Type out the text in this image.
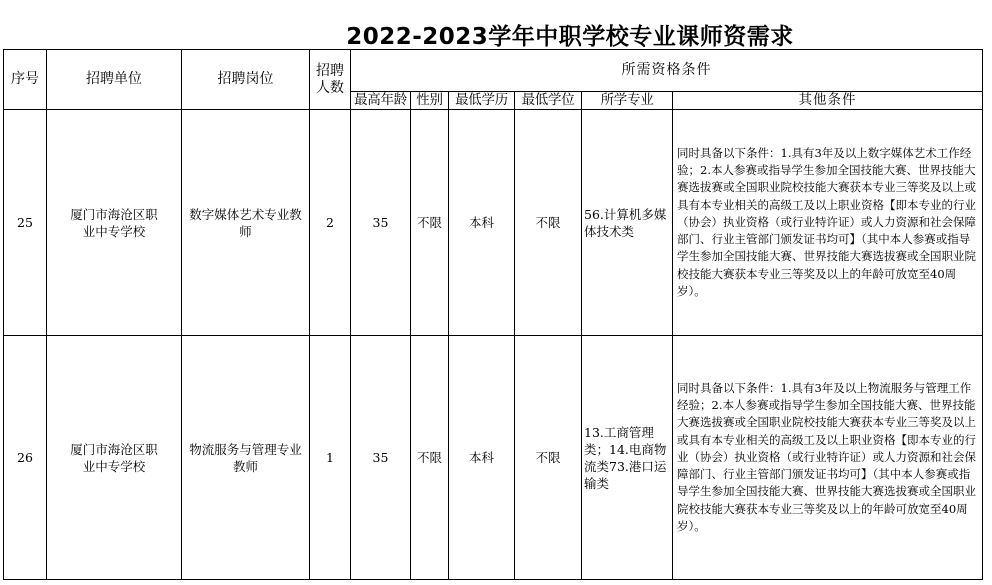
2022-2023学年中职学校专业课师资需求
序号	招聘单位	招聘岗位	招聘人数	所需资格条件					
				最高年龄	性别	最低学历	最低学位	所学专业	其他条件
25	厦门市海沧区职业中专学校	数字媒体艺术专业教师	2	35	不限	本科	不限	56.计算机多媒体技术类	同时具备以下条件：1.具有3年及以上数字媒体艺术工作经验；2.本人参赛或指导学生参加全国技能大赛、世界技能大赛选拔赛或全国职业院校技能大赛获本专业三等奖及以上或具有本专业相关的高级工及以上职业资格【即本专业的行业（协会）执业资格（或行业特许证）或人力资源和社会保障部门、行业主管部门颁发证书均可】（其中本人参赛或指导学生参加全国技能大赛、世界技能大赛选拔赛或全国职业院校技能大赛获本专业三等奖及以上的年龄可放宽至40周岁）。
26	厦门市海沧区职业中专学校	物流服务与管理专业教师	1	35	不限	本科	不限	13.工商管理类；14.电商物流类73.港口运输类	同时具备以下条件：1.具有3年及以上物流服务与管理工作经验；2.本人参赛或指导学生参加全国技能大赛、世界技能大赛选拔赛或全国职业院校技能大赛获本专业三等奖及以上或具有本专业相关的高级工及以上职业资格【即本专业的行业（协会）执业资格（或行业特许证）或人力资源和社会保障部门、行业主管部门颁发证书均可】（其中本人参赛或指导学生参加全国技能大赛、世界技能大赛选拔赛或全国职业院校技能大赛获本专业三等奖及以上的年龄可放宽至40周岁）。
